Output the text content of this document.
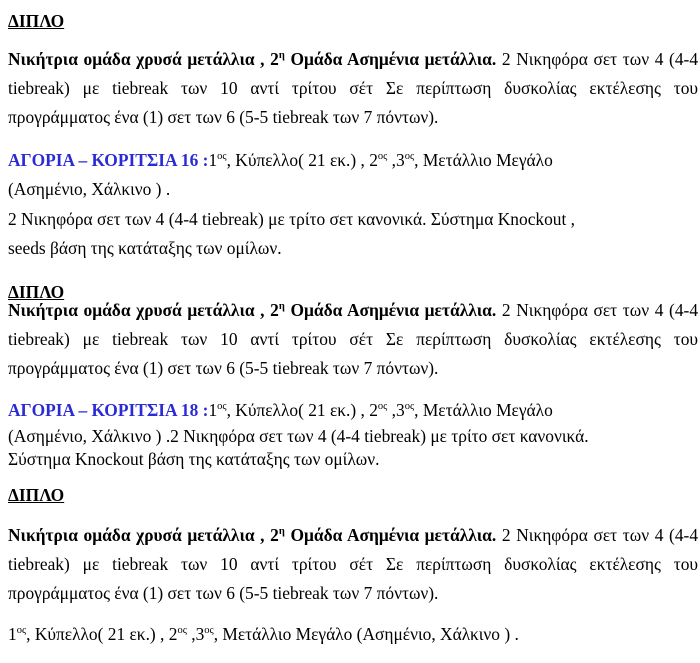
ΔΙΠΛΟ

Νικήτρια ομάδα χρυσά μετάλλια , $2^\eta$ Ομάδα Ασημένια μετάλλια. 2 Νικηφόρα σετ των 4 (4-4 tiebreak) με tiebreak των 10 αντί τρίτου σέτ Σε περίπτωση δυσκολίας εκτέλεσης του προγράμματος ένα (1) σετ των 6 (5-5 tiebreak των 7 πόντων).

ΑΓΟΡΙΑ – ΚΟΡΙΤΣΙΑ 16 $:1^{o\varsigma}$, Κύπελλο( 21 εκ.) , $2^{o\varsigma}$ $,3^{o\varsigma}$, Μετάλλιο Μεγάλο
(Ασημένιο, Χάλκινο ) .
2 Νικηφόρα σετ των 4 (4-4 tiebreak) με τρίτο σετ κανονικά. Σύστημα Knockout ,
seeds βάση της κατάταξης των ομίλων.
ΔΙΠΛΟ

Νικήτρια ομάδα χρυσά μετάλλια , $2^\eta$ Ομάδα Ασημένια μετάλλια. 2 Νικηφόρα σετ των 4 (4-4 tiebreak) με tiebreak των 10 αντί τρίτου σέτ Σε περίπτωση δυσκολίας εκτέλεσης του προγράμματος ένα (1) σετ των 6 (5-5 tiebreak των 7 πόντων).

ΑΓΟΡΙΑ – ΚΟΡΙΤΣΙΑ 18 $:1^{o\varsigma}$, Κύπελλο( 21 εκ.) , $2^{o\varsigma}$ $,3^{o\varsigma}$, Μετάλλιο Μεγάλο
(Ασημένιο, Χάλκινο ) .2 Νικηφόρα σετ των 4 (4-4 tiebreak) με τρίτο σετ κανονικά.
Σύστημα Knockout βάση της κατάταξης των ομίλων.
ΔΙΠΛΟ

Νικήτρια ομάδα χρυσά μετάλλια , $2^\eta$ Ομάδα Ασημένια μετάλλια. 2 Νικηφόρα σετ των 4 (4-4 tiebreak) με tiebreak των 10 αντί τρίτου σέτ Σε περίπτωση δυσκολίας εκτέλεσης του προγράμματος ένα (1) σετ των 6 (5-5 tiebreak των 7 πόντων).

$1^{o\varsigma}$, Κύπελλο( 21 εκ.) , $2^{o\varsigma}$ $,3^{o\varsigma}$, Μετάλλιο Μεγάλο (Ασημένιο, Χάλκινο ) .
